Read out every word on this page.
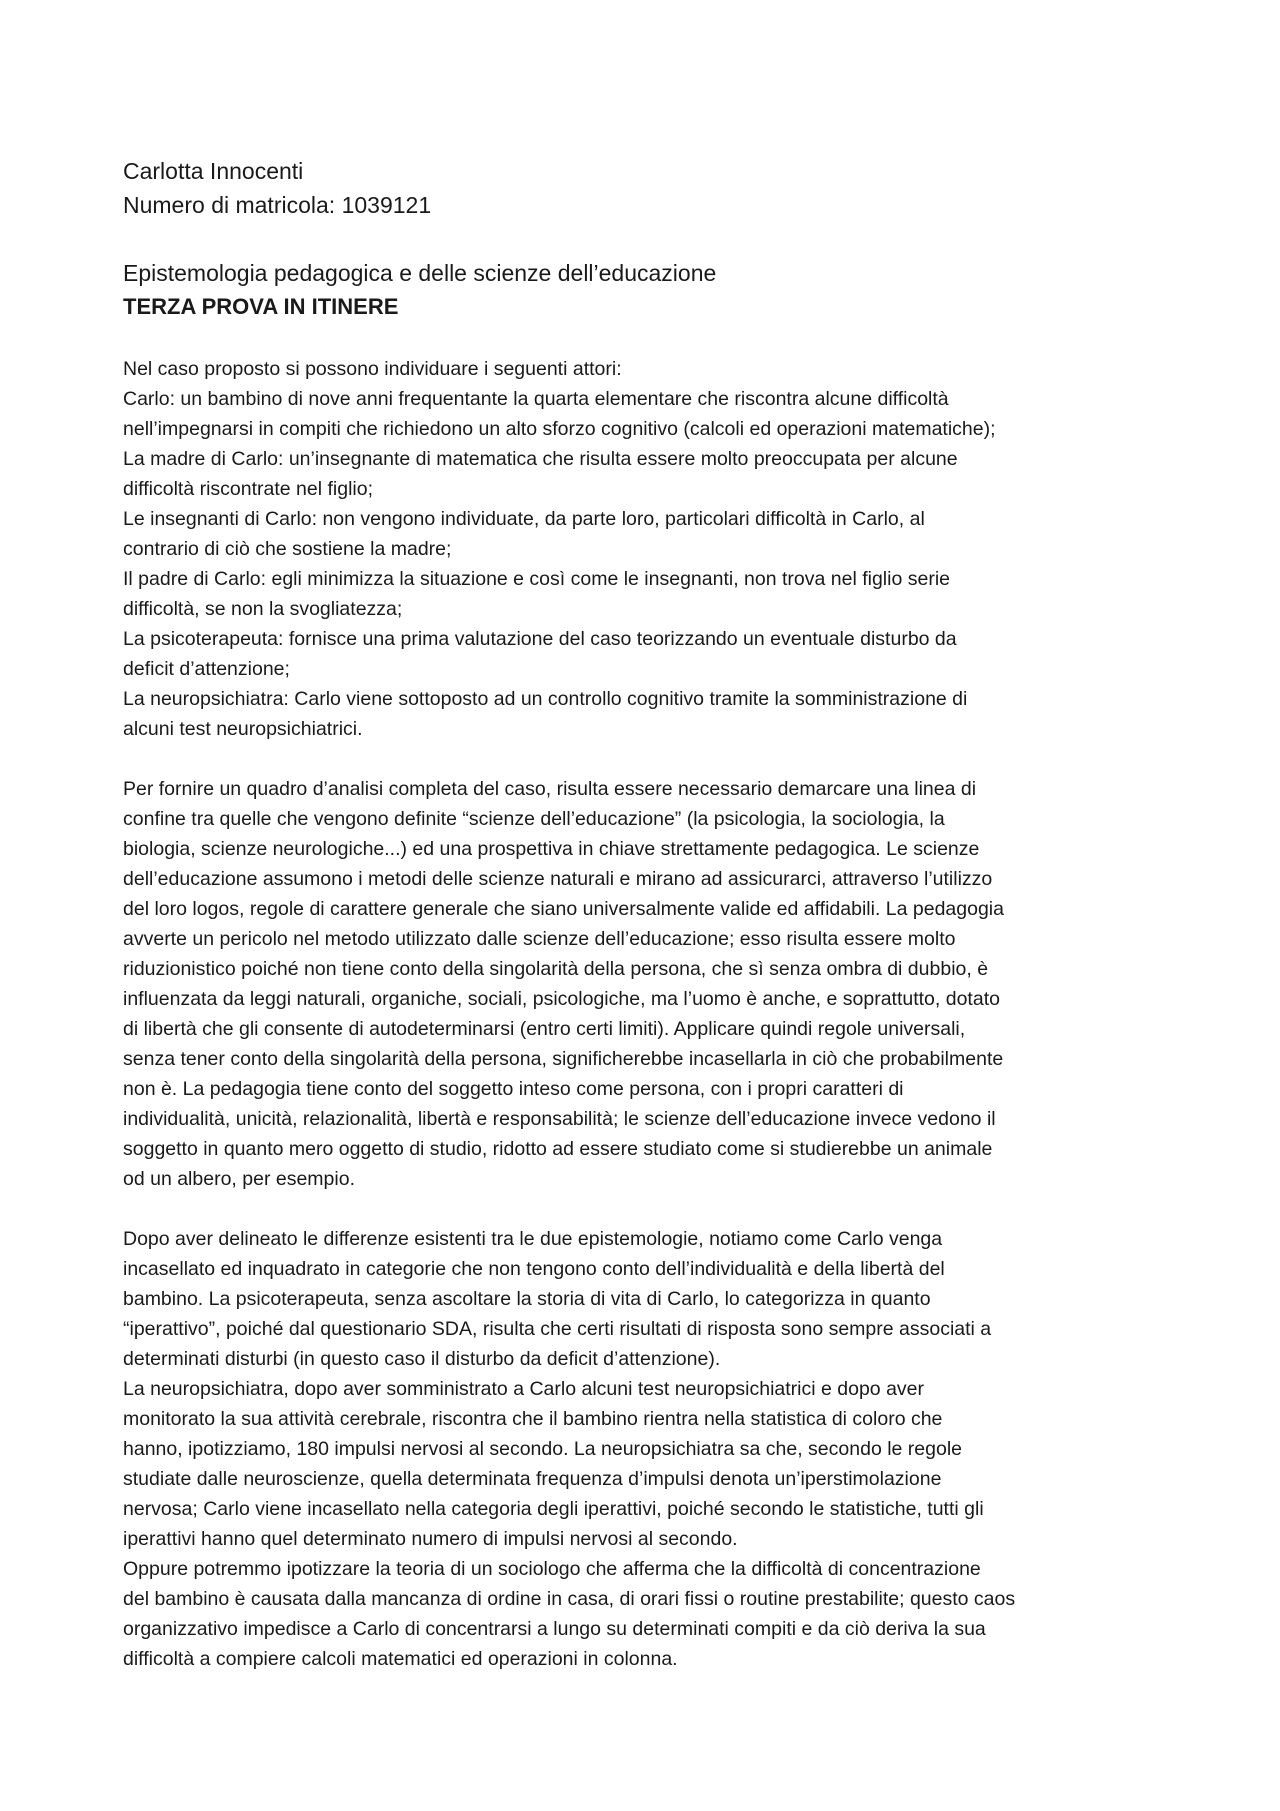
Carlotta Innocenti
Numero di matricola: 1039121
Epistemologia pedagogica e delle scienze dell’educazione
TERZA PROVA IN ITINERE
Nel caso proposto si possono individuare i seguenti attori:
Carlo: un bambino di nove anni frequentante la quarta elementare che riscontra alcune difficoltà
nell’impegnarsi in compiti che richiedono un alto sforzo cognitivo (calcoli ed operazioni matematiche);
La madre di Carlo: un’insegnante di matematica che risulta essere molto preoccupata per alcune
difficoltà riscontrate nel figlio;
Le insegnanti di Carlo: non vengono individuate, da parte loro, particolari difficoltà in Carlo, al
contrario di ciò che sostiene la madre;
Il padre di Carlo: egli minimizza la situazione e così come le insegnanti, non trova nel figlio serie
difficoltà, se non la svogliatezza;
La psicoterapeuta: fornisce una prima valutazione del caso teorizzando un eventuale disturbo da
deficit d’attenzione;
La neuropsichiatra: Carlo viene sottoposto ad un controllo cognitivo tramite la somministrazione di
alcuni test neuropsichiatrici.
Per fornire un quadro d’analisi completa del caso, risulta essere necessario demarcare una linea di
confine tra quelle che vengono definite “scienze dell’educazione” (la psicologia, la sociologia, la
biologia, scienze neurologiche...) ed una prospettiva in chiave strettamente pedagogica. Le scienze
dell’educazione assumono i metodi delle scienze naturali e mirano ad assicurarci, attraverso l’utilizzo
del loro logos, regole di carattere generale che siano universalmente valide ed affidabili. La pedagogia
avverte un pericolo nel metodo utilizzato dalle scienze dell’educazione; esso risulta essere molto
riduzionistico poiché non tiene conto della singolarità della persona, che sì senza ombra di dubbio, è
influenzata da leggi naturali, organiche, sociali, psicologiche, ma l’uomo è anche, e soprattutto, dotato
di libertà che gli consente di autodeterminarsi (entro certi limiti). Applicare quindi regole universali,
senza tener conto della singolarità della persona, significherebbe incasellarla in ciò che probabilmente
non è. La pedagogia tiene conto del soggetto inteso come persona, con i propri caratteri di
individualità, unicità, relazionalità, libertà e responsabilità; le scienze dell’educazione invece vedono il
soggetto in quanto mero oggetto di studio, ridotto ad essere studiato come si studierebbe un animale
od un albero, per esempio.
Dopo aver delineato le differenze esistenti tra le due epistemologie, notiamo come Carlo venga
incasellato ed inquadrato in categorie che non tengono conto dell’individualità e della libertà del
bambino. La psicoterapeuta, senza ascoltare la storia di vita di Carlo, lo categorizza in quanto
“iperattivo”, poiché dal questionario SDA, risulta che certi risultati di risposta sono sempre associati a
determinati disturbi (in questo caso il disturbo da deficit d’attenzione).
La neuropsichiatra, dopo aver somministrato a Carlo alcuni test neuropsichiatrici e dopo aver
monitorato la sua attività cerebrale, riscontra che il bambino rientra nella statistica di coloro che
hanno, ipotizziamo, 180 impulsi nervosi al secondo. La neuropsichiatra sa che, secondo le regole
studiate dalle neuroscienze, quella determinata frequenza d’impulsi denota un’iperstimolazione
nervosa; Carlo viene incasellato nella categoria degli iperattivi, poiché secondo le statistiche, tutti gli
iperattivi hanno quel determinato numero di impulsi nervosi al secondo.
Oppure potremmo ipotizzare la teoria di un sociologo che afferma che la difficoltà di concentrazione
del bambino è causata dalla mancanza di ordine in casa, di orari fissi o routine prestabilite; questo caos
organizzativo impedisce a Carlo di concentrarsi a lungo su determinati compiti e da ciò deriva la sua
difficoltà a compiere calcoli matematici ed operazioni in colonna.
